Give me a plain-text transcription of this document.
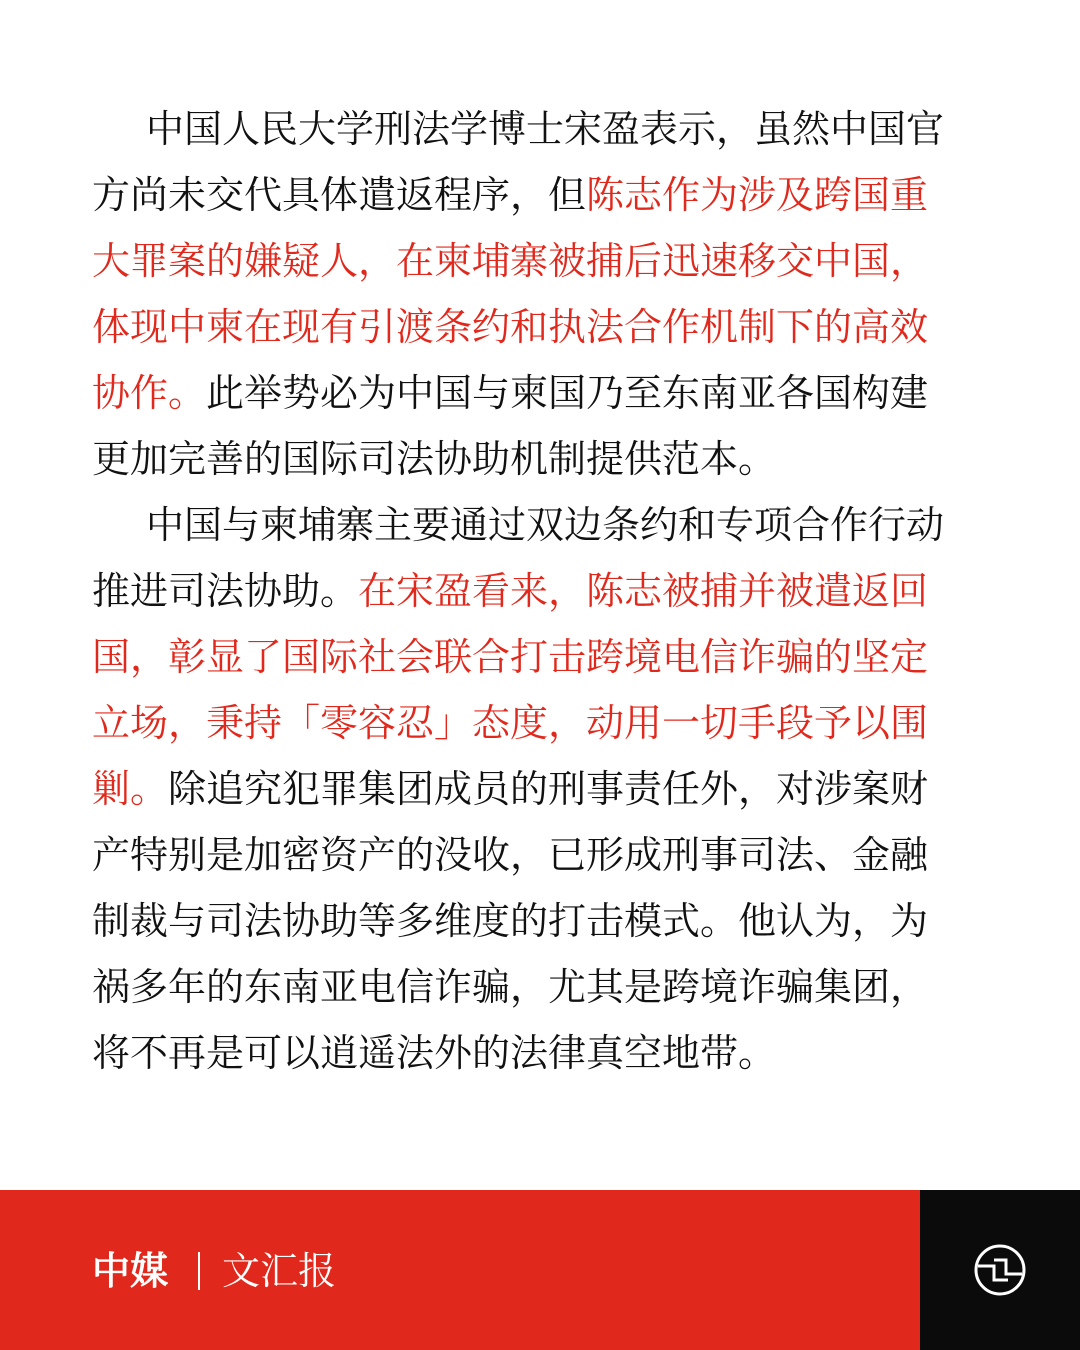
中国人民大学刑法学博士宋盈表示，虽然中国官
方尚未交代具体遣返程序，但陈志作为涉及跨国重
大罪案的嫌疑人，在柬埔寨被捕后迅速移交中国，
体现中柬在现有引渡条约和执法合作机制下的高效
协作。此举势必为中国与柬国乃至东南亚各国构建
更加完善的国际司法协助机制提供范本。
中国与柬埔寨主要通过双边条约和专项合作行动
推进司法协助。在宋盈看来，陈志被捕并被遣返回
国，彰显了国际社会联合打击跨境电信诈骗的坚定
立场，秉持「零容忍」态度，动用一切手段予以围
剿。除追究犯罪集团成员的刑事责任外，对涉案财
产特别是加密资产的没收，已形成刑事司法、金融
制裁与司法协助等多维度的打击模式。他认为，为
祸多年的东南亚电信诈骗，尤其是跨境诈骗集团，
将不再是可以逍遥法外的法律真空地带。
中媒 文汇报
